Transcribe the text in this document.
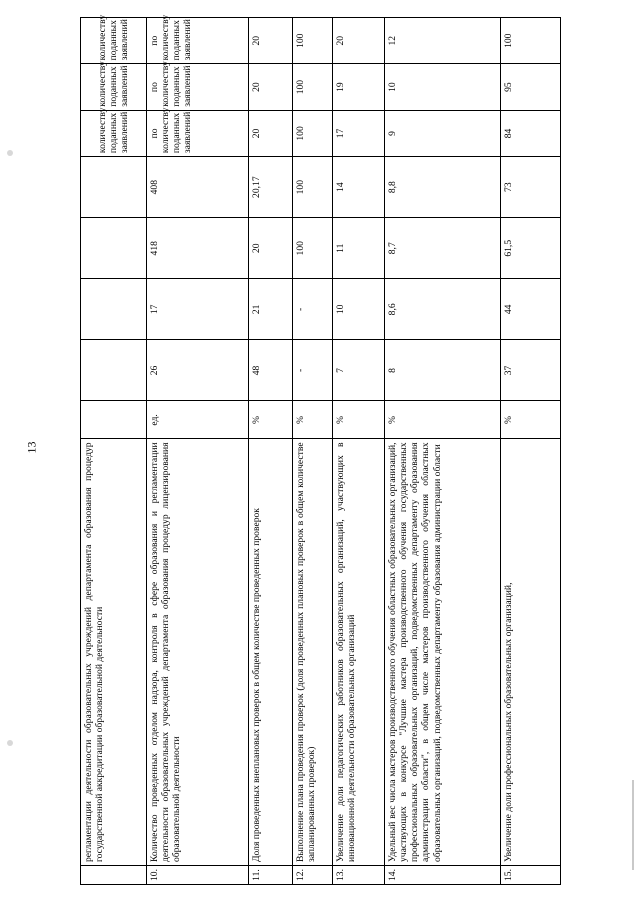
13
		регламентации деятельности образовательных учреждений департамента образования процедур государственной аккредитации образовательной деятельности						количеству поданных заявлений	количеству поданных заявлений	количеству поданных заявлений
10.	Количество проведенных отделом надзора, контроля в сфере образования и регламентации деятельности образовательных учреждений департамента образования процедур лицензирования образовательной деятельности	ед.	26	17	418	408	по количеству поданных заявлений	по количеству поданных заявлений	по количеству поданных заявлений
11.	Доля проведенных внеплановых проверок в общем количестве проведенных проверок	%	48	21	20	20,17	20	20	20
12.	Выполнение плана проведения проверок (доля проведенных плановых проверок в общем количестве запланированных проверок)	%	-	-	100	100	100	100	100
13.	Увеличение доли педагогических работников образовательных организаций, участвующих в инновационной деятельности образовательных организаций	%	7	10	11	14	17	19	20
14.	Удельный вес числа мастеров производственного обучения областных образовательных организаций, участвующих в конкурсе "Лучшие мастера производственного обучения государственных профессиональных образовательных организаций, подведомственных департаменту образования администрации области", в общем числе мастеров производственного обучения областных образовательных организаций, подведомственных департаменту образования администрации области	%	8	8,6	8,7	8,8	9	10	12
15.	Увеличение доли профессиональных образовательных организаций,	%	37	44	61,5	73	84	95	100
